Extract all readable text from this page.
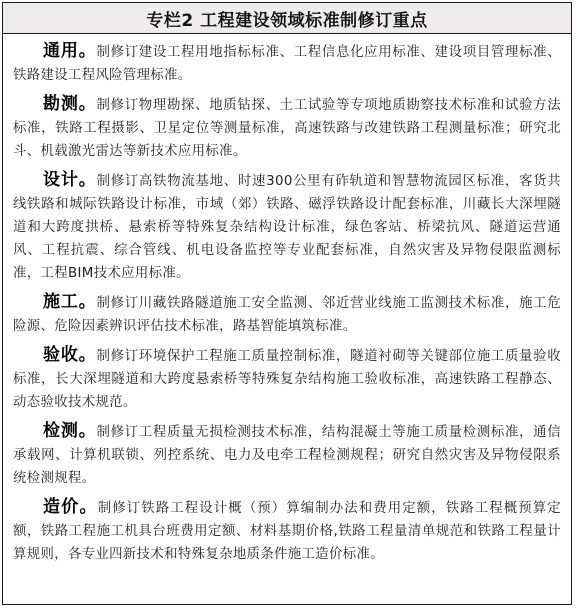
专栏2 工程建设领域标准制修订重点

通用。制修订建设工程用地指标标准、工程信息化应用标准、建设项目管理标准、铁路建设工程风险管理标准。

勘测。制修订物理勘探、地质钻探、土工试验等专项地质勘察技术标准和试验方法标准，铁路工程摄影、卫星定位等测量标准，高速铁路与改建铁路工程测量标准；研究北斗、机载激光雷达等新技术应用标准。

设计。制修订高铁物流基地、时速300公里有砟轨道和智慧物流园区标准，客货共线铁路和城际铁路设计标准，市域（郊）铁路、磁浮铁路设计配套标准，川藏长大深埋隧道和大跨度拱桥、悬索桥等特殊复杂结构设计标准，绿色客站、桥梁抗风、隧道运营通风、工程抗震、综合管线、机电设备监控等专业配套标准，自然灾害及异物侵限监测标准，工程BIM技术应用标准。

施工。制修订川藏铁路隧道施工安全监测、邻近营业线施工监测技术标准，施工危险源、危险因素辨识评估技术标准，路基智能填筑标准。

验收。制修订环境保护工程施工质量控制标准，隧道衬砌等关键部位施工质量验收标准，长大深埋隧道和大跨度悬索桥等特殊复杂结构施工验收标准，高速铁路工程静态、动态验收技术规范。

检测。制修订工程质量无损检测技术标准，结构混凝土等施工质量检测标准，通信承载网、计算机联锁、列控系统、电力及电牵工程检测规程；研究自然灾害及异物侵限系统检测规程。

造价。制修订铁路工程设计概（预）算编制办法和费用定额，铁路工程概预算定额，铁路工程施工机具台班费用定额、材料基期价格,铁路工程量清单规范和铁路工程量计算规则，各专业四新技术和特殊复杂地质条件施工造价标准。
